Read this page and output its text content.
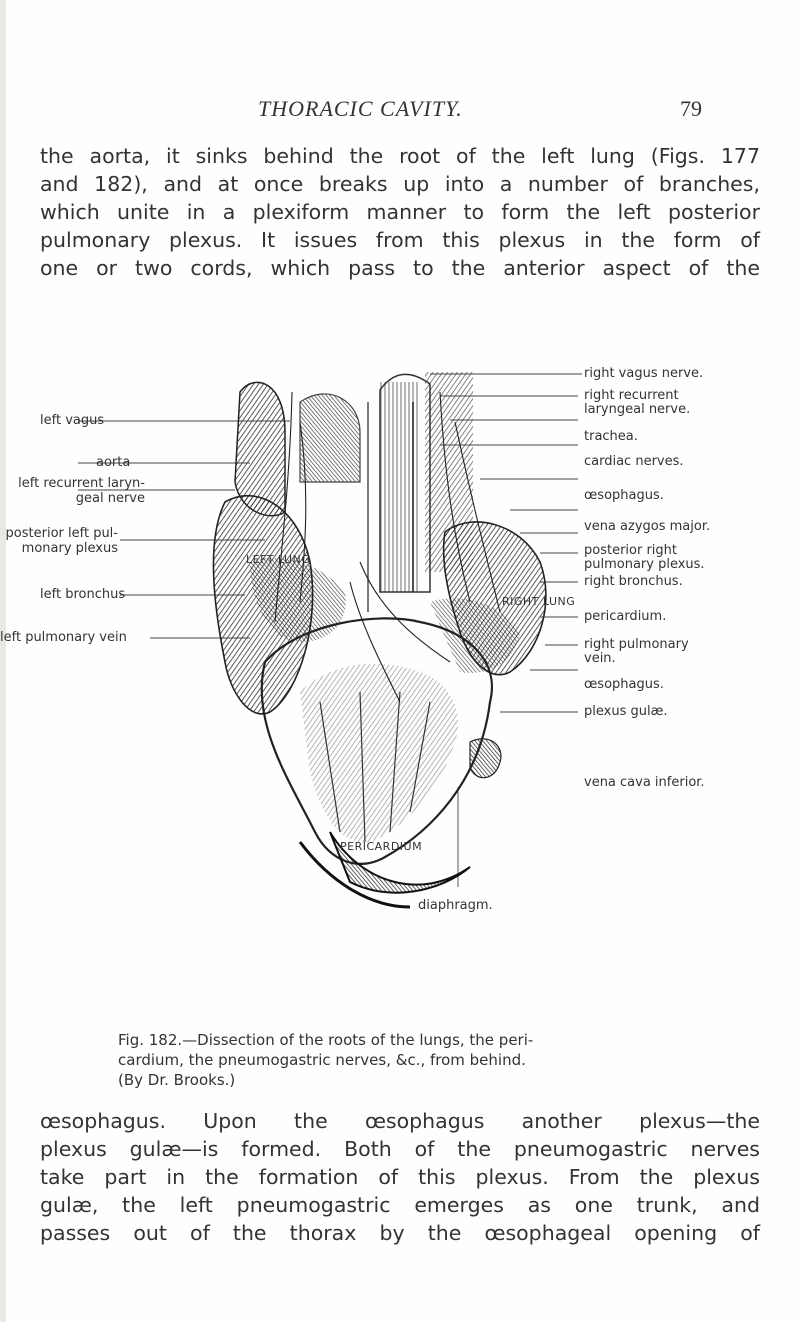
THORACIC CAVITY.	79
the aorta, it sinks behind the root of the left lung (Figs. 177
and 182), and at once breaks up into a number of branches,
which unite in a plexiform manner to form the left posterior
pulmonary plexus. It issues from this plexus in the form of
one or two cords, which pass to the anterior aspect of the
LEFT LUNG
RIGHT LUNG
PERICARDIUM
left vagus
aorta
left recurrent laryn-
geal nerve
posterior left pul-
monary plexus
left bronchus
left pulmonary vein
right vagus nerve.
right recurrent
laryngeal nerve.
trachea.
cardiac nerves.
œsophagus.
vena azygos major.
posterior right
pulmonary plexus.
right bronchus.
pericardium.
right pulmonary
vein.
œsophagus.
plexus gulæ.
vena cava inferior.
diaphragm.
Fig. 182.—Dissection of the roots of the lungs, the peri-
cardium, the pneumogastric nerves, &c., from behind.
(By Dr. Brooks.)
œsophagus. Upon the œsophagus another plexus—the
plexus gulæ—is formed. Both of the pneumogastric nerves
take part in the formation of this plexus. From the plexus
gulæ, the left pneumogastric emerges as one trunk, and
passes out of the thorax by the œsophageal opening of
